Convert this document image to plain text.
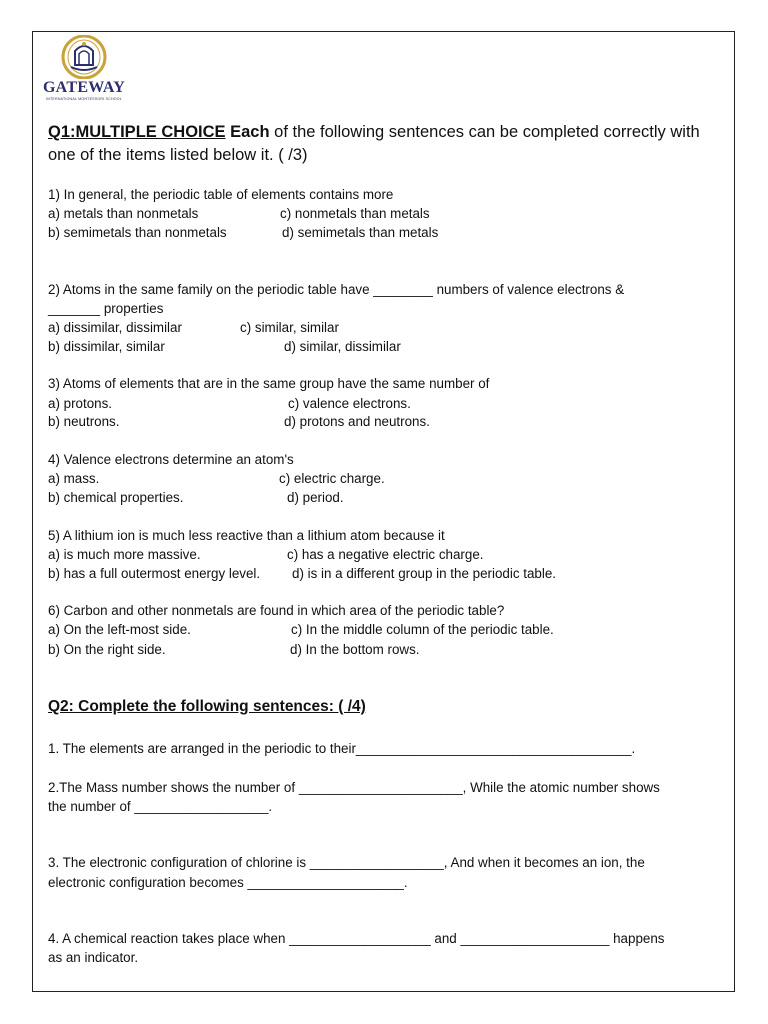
GATEWAY
INTERNATIONAL MONTESSORI SCHOOL
Q1:MULTIPLE CHOICE Each of the following sentences can be completed correctly with
one of the items listed below it. ( /3)
1) In general, the periodic table of elements contains more
a) metals than nonmetals	c) nonmetals than metals
b) semimetals than nonmetals	d) semimetals than metals
2) Atoms in the same family on the periodic table have ________ numbers of valence electrons &
_______ properties
a) dissimilar, dissimilar	c) similar, similar
b) dissimilar, similar	d) similar, dissimilar
3) Atoms of elements that are in the same group have the same number of
a) protons.	c) valence electrons.
b) neutrons.	d) protons and neutrons.
4) Valence electrons determine an atom's
a) mass.	c) electric charge.
b) chemical properties.	d) period.
5) A lithium ion is much less reactive than a lithium atom because it
a) is much more massive.	c) has a negative electric charge.
b) has a full outermost energy level. d) is in a different group in the periodic table.
6) Carbon and other nonmetals are found in which area of the periodic table?
a) On the left-most side.	c) In the middle column of the periodic table.
b) On the right side.	d) In the bottom rows.
Q2: Complete the following sentences: ( /4)
1. The elements are arranged in the periodic to their_____________________________________.
2.The Mass number shows the number of ______________________, While the atomic number shows
the number of __________________.
3. The electronic configuration of chlorine is __________________, And when it becomes an ion, the
electronic configuration becomes _____________________.
4. A chemical reaction takes place when ___________________ and ____________________ happens
as an indicator.
